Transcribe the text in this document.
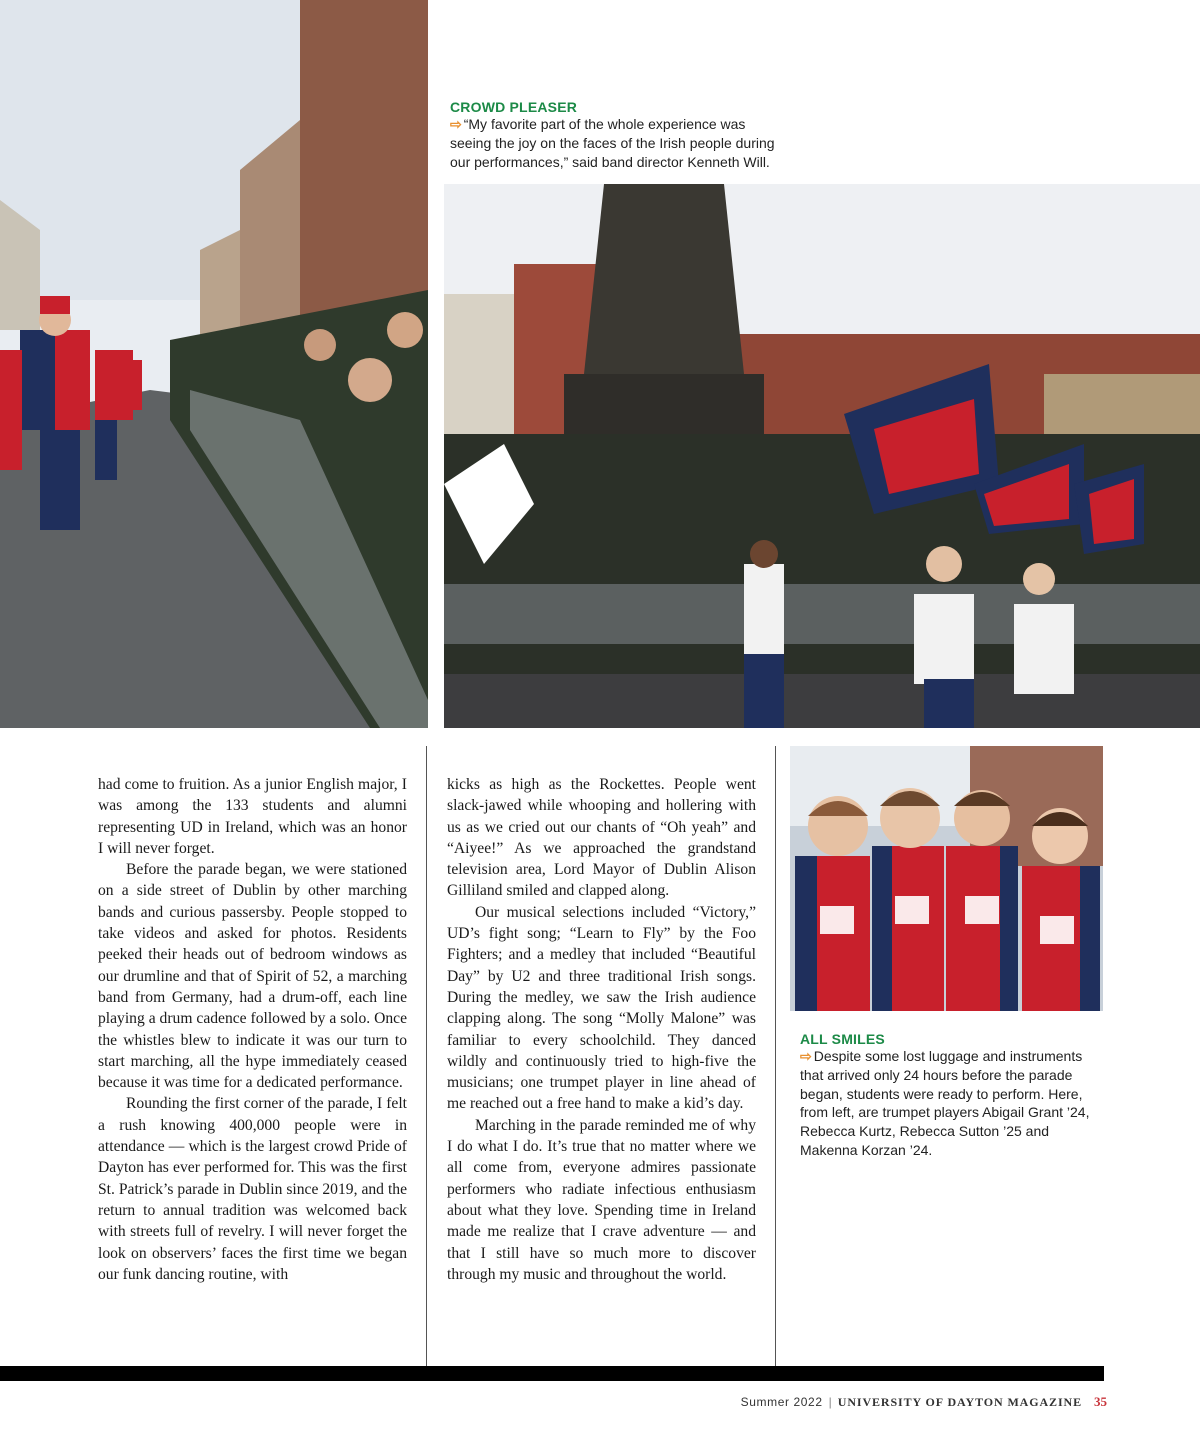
CROWD PLEASER
⇨ “My favorite part of the whole experience was seeing the joy on the faces of the Irish people during our performances,” said band director Kenneth Will.

had come to fruition. As a junior English major, I was among the 133 students and alumni representing UD in Ireland, which was an honor I will never forget.

Before the parade began, we were stationed on a side street of Dublin by other marching bands and curious passersby. People stopped to take videos and asked for photos. Residents peeked their heads out of bedroom windows as our drumline and that of Spirit of 52, a marching band from Germany, had a drum-off, each line playing a drum cadence followed by a solo. Once the whistles blew to indicate it was our turn to start marching, all the hype immediately ceased because it was time for a dedicated performance.

Rounding the first corner of the parade, I felt a rush knowing 400,000 people were in attendance — which is the largest crowd Pride of Dayton has ever performed for. This was the first St. Patrick’s parade in Dublin since 2019, and the return to annual tradition was welcomed back with streets full of revelry. I will never forget the look on observers’ faces the first time we began our funk dancing routine, with

kicks as high as the Rockettes. People went slack-jawed while whooping and hollering with us as we cried out our chants of “Oh yeah” and “Aiyee!” As we approached the grandstand television area, Lord Mayor of Dublin Alison Gilliland smiled and clapped along.

Our musical selections included “Victory,” UD’s fight song; “Learn to Fly” by the Foo Fighters; and a medley that included “Beautiful Day” by U2 and three traditional Irish songs. During the medley, we saw the Irish audience clapping along. The song “Molly Malone” was familiar to every schoolchild. They danced wildly and continuously tried to high-five the musicians; one trumpet player in line ahead of me reached out a free hand to make a kid’s day.

Marching in the parade reminded me of why I do what I do. It’s true that no matter where we all come from, everyone admires passionate performers who radiate infectious enthusiasm about what they love. Spending time in Ireland made me realize that I crave adventure — and that I still have so much more to discover through my music and throughout the world.

ALL SMILES
⇨ Despite some lost luggage and instruments that arrived only 24 hours before the parade began, students were ready to perform. Here, from left, are trumpet players Abigail Grant ’24, Rebecca Kurtz, Rebecca Sutton ’25 and Makenna Korzan ’24.
Summer 2022 | UNIVERSITY OF DAYTON MAGAZINE 35
